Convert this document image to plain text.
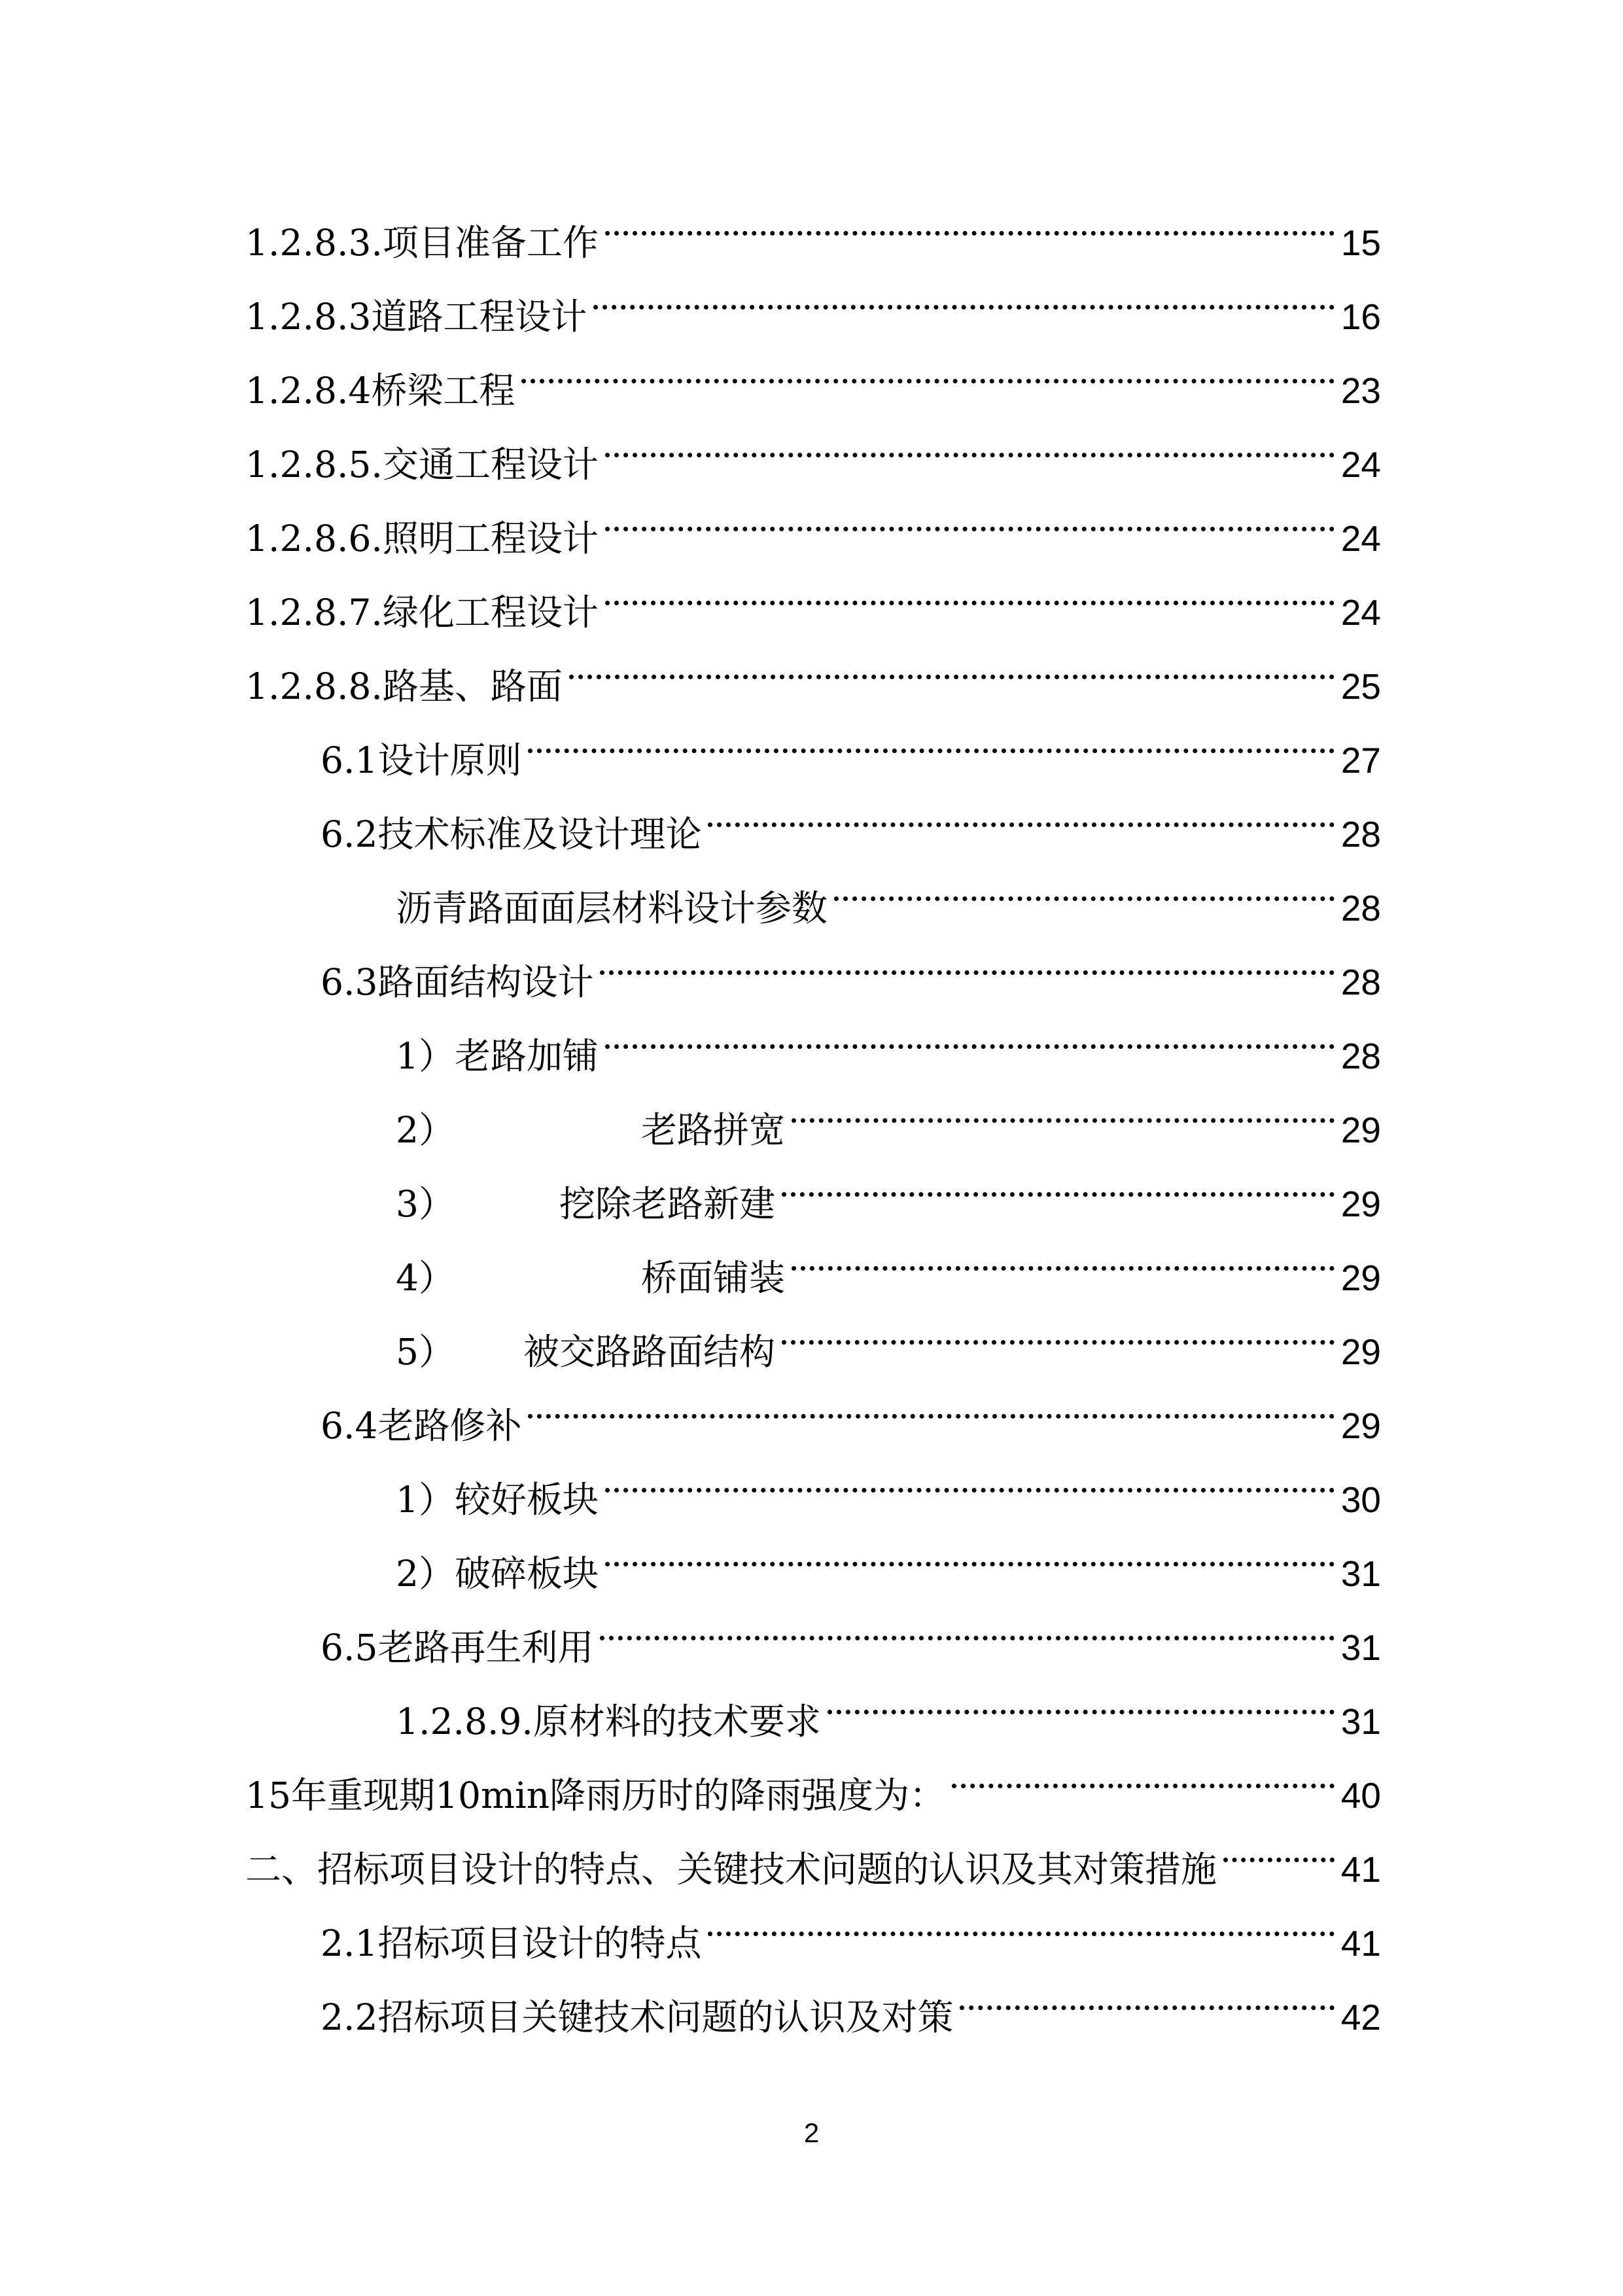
1.2.8.3.项目准备工作	15
1.2.8.3道路工程设计	16
1.2.8.4桥梁工程	23
1.2.8.5.交通工程设计	24
1.2.8.6.照明工程设计	24
1.2.8.7.绿化工程设计	24
1.2.8.8.路基、路面	25
6.1设计原则	27
6.2技术标准及设计理论	28
沥青路面面层材料设计参数	28
6.3路面结构设计	28
1）老路加铺	28
2）	老路拼宽	29
3）	挖除老路新建	29
4）	桥面铺装	29
5）	被交路路面结构	29
6.4老路修补	29
1）较好板块	30
2）破碎板块	31
6.5老路再生利用	31
1.2.8.9.原材料的技术要求	31
15年重现期10min降雨历时的降雨强度为：	40
二、招标项目设计的特点、关键技术问题的认识及其对策措施	41
2.1招标项目设计的特点	41
2.2招标项目关键技术问题的认识及对策	42
2
